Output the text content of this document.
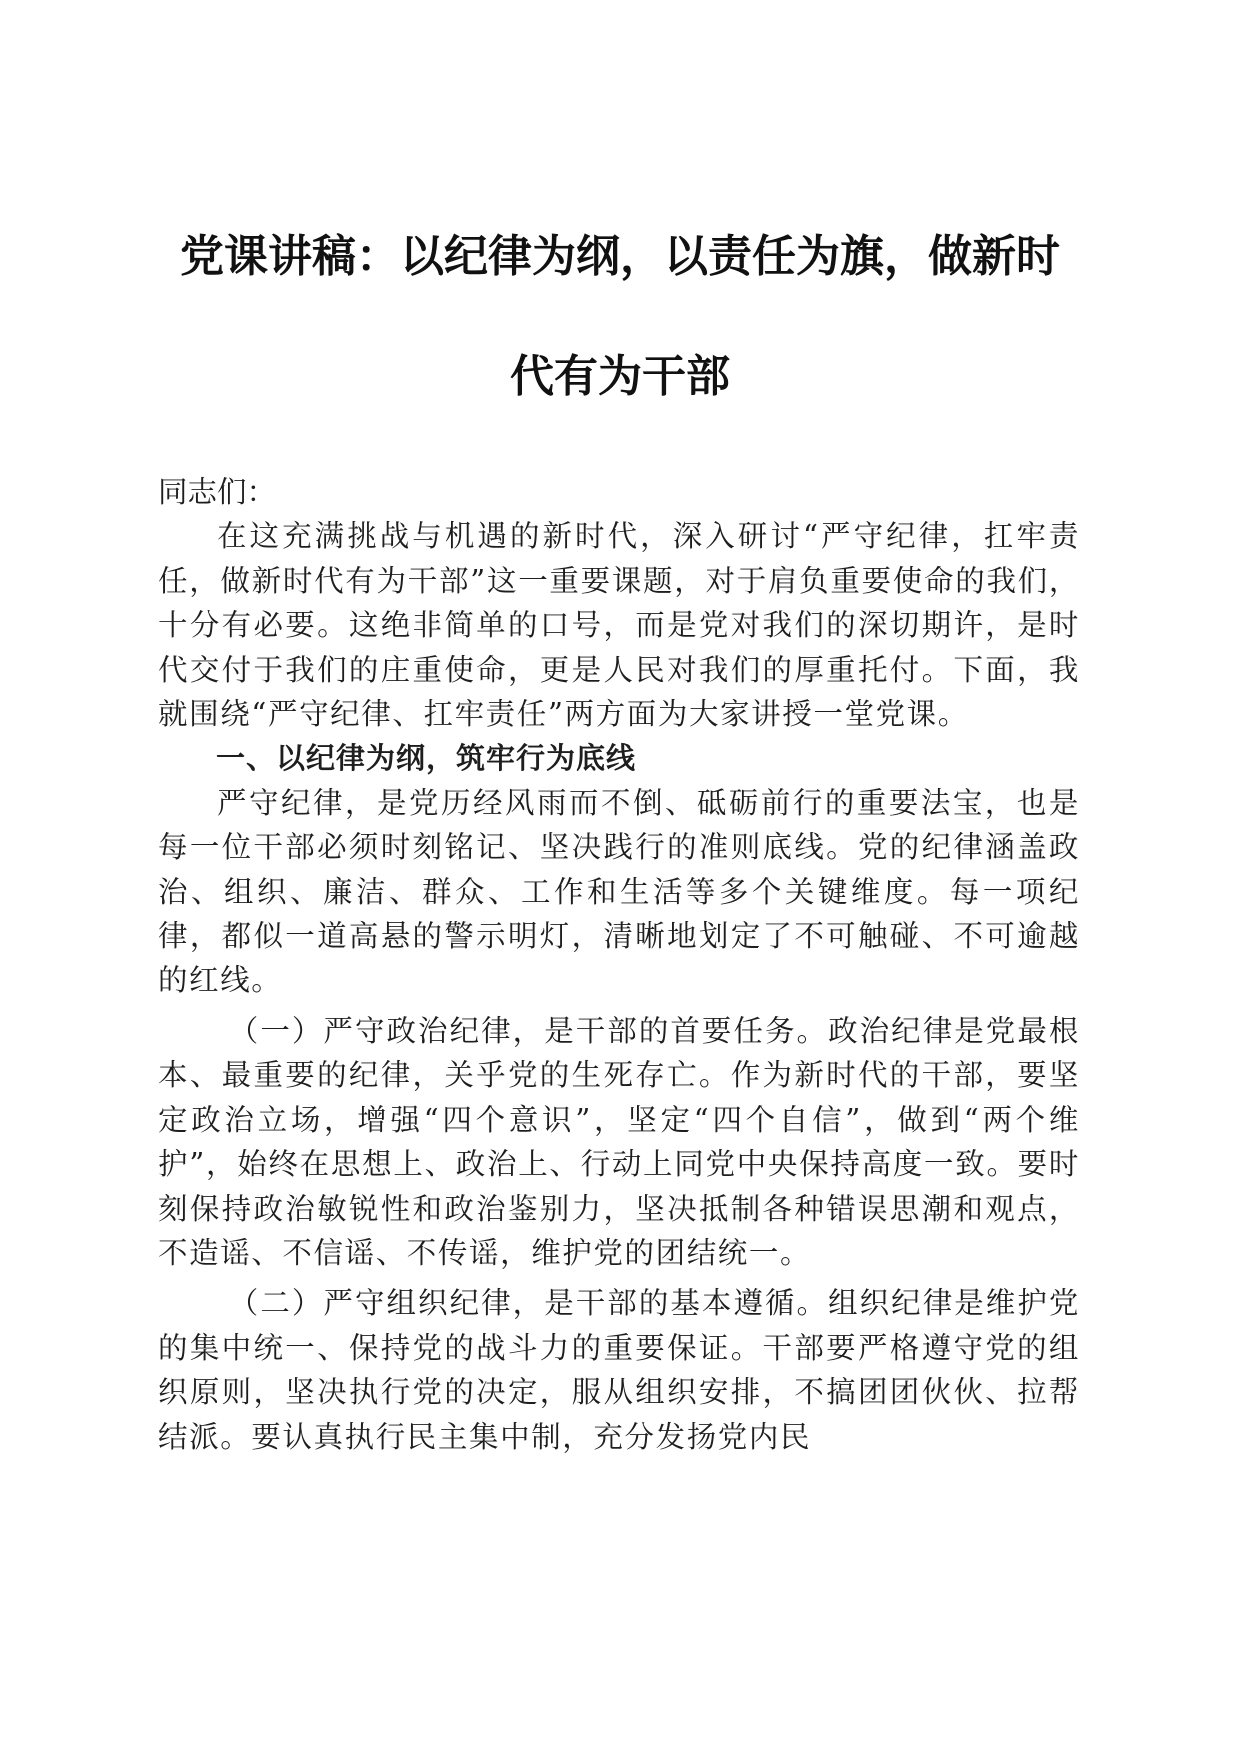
党课讲稿：以纪律为纲，以责任为旗，做新时
代有为干部

同志们：

在这充满挑战与机遇的新时代，深入研讨“严守纪律，扛牢责任，做新时代有为干部”这一重要课题，对于肩负重要使命的我们，十分有必要。这绝非简单的口号，而是党对我们的深切期许，是时代交付于我们的庄重使命，更是人民对我们的厚重托付。下面，我就围绕“严守纪律、扛牢责任”两方面为大家讲授一堂党课。

一、以纪律为纲，筑牢行为底线

严守纪律，是党历经风雨而不倒、砥砺前行的重要法宝，也是每一位干部必须时刻铭记、坚决践行的准则底线。党的纪律涵盖政治、组织、廉洁、群众、工作和生活等多个关键维度。每一项纪律，都似一道高悬的警示明灯，清晰地划定了不可触碰、不可逾越的红线。

（一）严守政治纪律，是干部的首要任务。政治纪律是党最根本、最重要的纪律，关乎党的生死存亡。作为新时代的干部，要坚定政治立场，增强“四个意识”，坚定“四个自信”，做到“两个维护”，始终在思想上、政治上、行动上同党中央保持高度一致。要时刻保持政治敏锐性和政治鉴别力，坚决抵制各种错误思潮和观点，不造谣、不信谣、不传谣，维护党的团结统一。

（二）严守组织纪律，是干部的基本遵循。组织纪律是维护党的集中统一、保持党的战斗力的重要保证。干部要严格遵守党的组织原则，坚决执行党的决定，服从组织安排，不搞团团伙伙、拉帮结派。要认真执行民主集中制，充分发扬党内民
